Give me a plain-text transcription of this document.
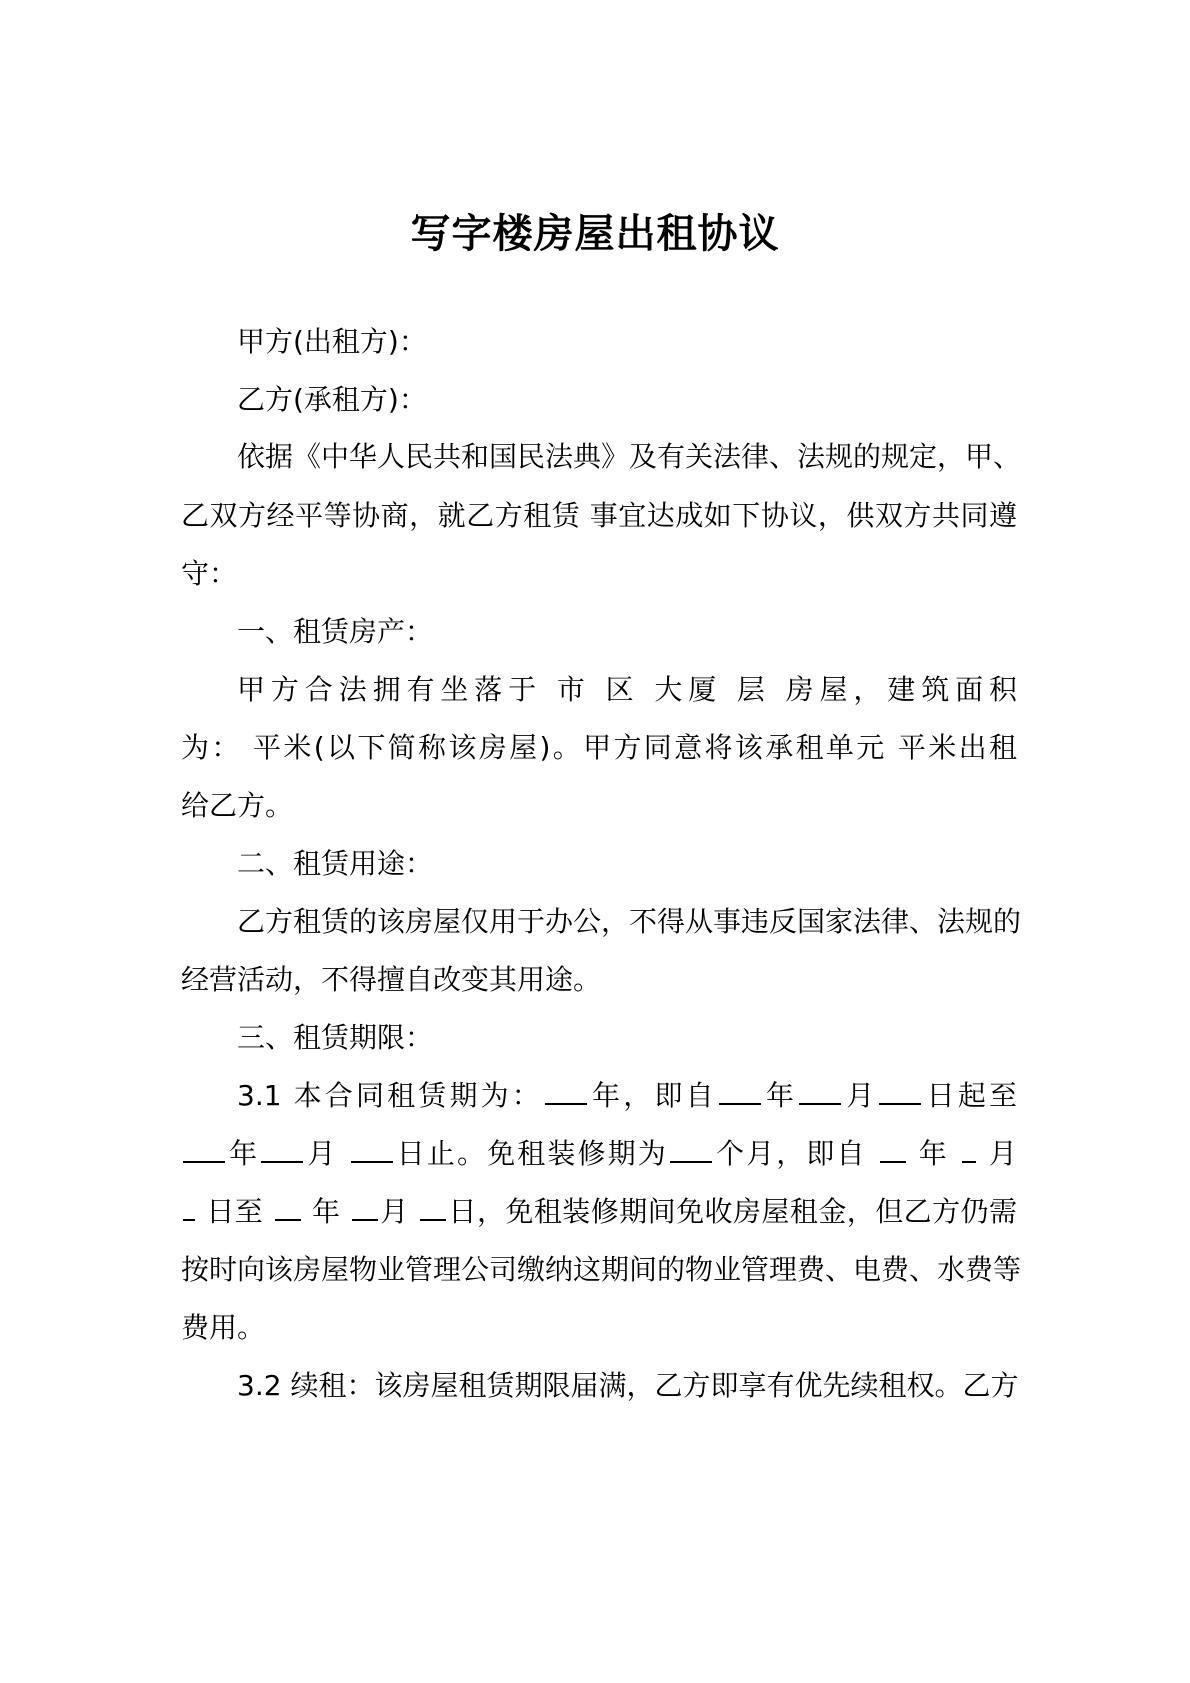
写字楼房屋出租协议
甲方(出租方)：
乙方(承租方)：
依据《中华人民共和国民法典》及有关法律、法规的规定，甲、
乙双方经平等协商，就乙方租赁 事宜达成如下协议，供双方共同遵
守：
一、租赁房产：
甲方合法拥有坐落于 市 区 大厦 层 房屋，建筑面积
为： 平米(以下简称该房屋)。甲方同意将该承租单元 平米出租
给乙方。
二、租赁用途：
乙方租赁的该房屋仅用于办公，不得从事违反国家法律、法规的
经营活动，不得擅自改变其用途。
三、租赁期限：
3.1 本合同租赁期为： 年，即自 年 月 日起至
年 月 日止。免租装修期为 个月，即自 年 月
日至 年 月 日，免租装修期间免收房屋租金，但乙方仍需
按时向该房屋物业管理公司缴纳这期间的物业管理费、电费、水费等
费用。
3.2 续租：该房屋租赁期限届满，乙方即享有优先续租权。乙方
